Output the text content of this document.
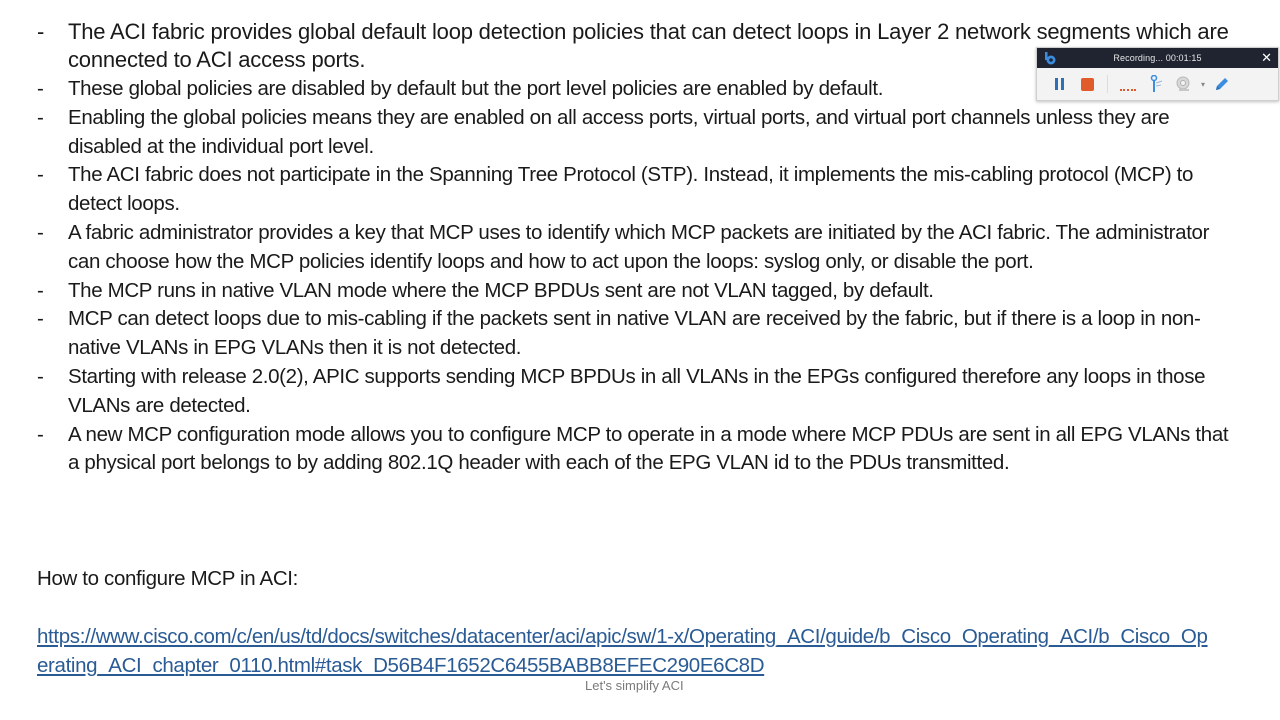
- The ACI fabric provides global default loop detection policies that can detect loops in Layer 2 network segments which are connected to ACI access ports.
- These global policies are disabled by default but the port level policies are enabled by default.
- Enabling the global policies means they are enabled on all access ports, virtual ports, and virtual port channels unless they are disabled at the individual port level.
- The ACI fabric does not participate in the Spanning Tree Protocol (STP). Instead, it implements the mis-cabling protocol (MCP) to detect loops.
- A fabric administrator provides a key that MCP uses to identify which MCP packets are initiated by the ACI fabric. The administrator can choose how the MCP policies identify loops and how to act upon the loops: syslog only, or disable the port.
- The MCP runs in native VLAN mode where the MCP BPDUs sent are not VLAN tagged, by default.
- MCP can detect loops due to mis-cabling if the packets sent in native VLAN are received by the fabric, but if there is a loop in non-native VLANs in EPG VLANs then it is not detected.
- Starting with release 2.0(2), APIC supports sending MCP BPDUs in all VLANs in the EPGs configured therefore any loops in those VLANs are detected.
- A new MCP configuration mode allows you to configure MCP to operate in a mode where MCP PDUs are sent in all EPG VLANs that a physical port belongs to by adding 802.1Q header with each of the EPG VLAN id to the PDUs transmitted.
How to configure MCP in ACI:
https://www.cisco.com/c/en/us/td/docs/switches/datacenter/aci/apic/sw/1-x/Operating_ACI/guide/b_Cisco_Operating_ACI/b_Cisco_Operating_ACI_chapter_0110.html#task_D56B4F1652C6455BABB8EFEC290E6C8D
Let's simplify ACI
Recording... 00:01:15	✕
▾
